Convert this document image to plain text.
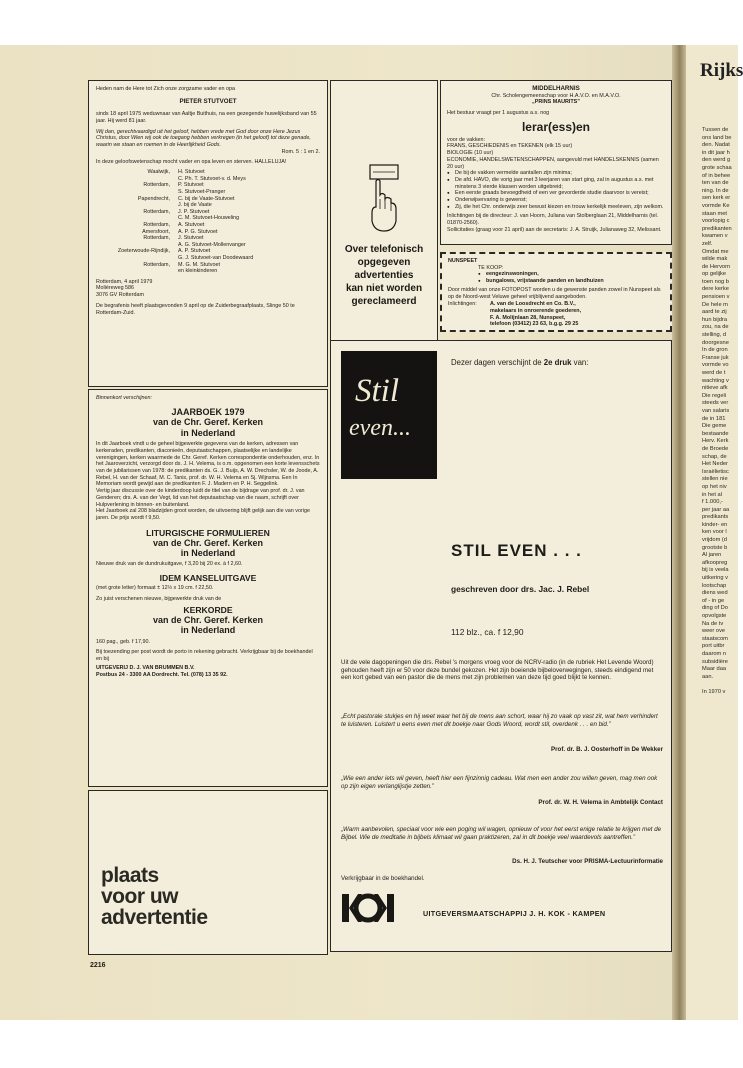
Heden nam de Here tot Zich onze zorgzame vader en opa
PIETER STUTVOET
sinds 18 april 1975 weduwnaar van Aaltje Buithuis, na een gezegende huwelijksband van 55 jaar. Hij werd 81 jaar.
Wij dan, gerechtvaardigd uit het geloof, hebben vrede met God door onze Here Jezus Christus, door Wien wij ook de toegang hebben verkregen (in het geloof) tot deze genade, waarin we staan en roemen in de Heerlijkheid Gods.
Rom. 5 : 1 en 2.
In deze geloofswetenschap mocht vader en opa leven en sterven. HALLELUJA!
Waalwijk,	H. Stutvoet
C. Ph. T. Stutvoet-v. d. Meys
Rotterdam,	P. Stutvoet
S. Stutvoet-Pranger
Papendrecht,	C. bij de Vaate-Stutvoet
J. bij de Vaate
Rotterdam,	J. P. Stutvoet
C. M. Stutvoet-Houweling
Rotterdam,	A. Stutvoet
Amersfoort,	A. P. G. Stutvoet
Rotterdam,	J. Stutvoet
A. G. Stutvoet-Mollenvanger
Zoeterwoude-Rijndijk,	A. P. Stutvoet
G. J. Stutvoet-van Doodewaard
Rotterdam,	M. G. M. Stutvoet
en kleinkinderen
Rotterdam, 4 april 1979
Molièreweg 586
3076 GV Rotterdam
De begrafenis heeft plaatsgevonden 9 april op de Zuiderbegraafplaats, Slinge 50 te Rotterdam-Zuid.
Over telefonisch
opgegeven
advertenties
kan niet worden
gereclameerd
MIDDELHARNIS
Chr. Scholengemeenschap voor H.A.V.O. en M.A.V.O.
„PRINS MAURITS”
Het bestuur vraagt per 1 augustus a.s. nog
lerar(ess)en
voor de vakken:
FRANS, GESCHIEDENIS en TEKENEN (elk 15 uur)
BIOLOGIE (10 uur)
ECONOMIE, HANDELSWETENSCHAPPEN, aangevuld met HANDELSKENNIS (samen 20 uur)
● De bij de vakken vermelde aantallen zijn minima;
● De afd. HAVO, die vorig jaar met 3 leerjaren van start ging, zal in augustus a.s. met minstens 3 vierde klassen worden uitgebreid;
● Een eerste graads bevoegdheid of een ver gevorderde studie daarvoor is vereist;
● Onderwijservaring is gewenst;
● Zij, die het Chr. onderwijs zeer bewust kiezen en trouw kerkelijk meeleven, zijn welkom.
Inlichtingen bij de directeur: J. van Hoorn, Juliana van Stolberglaan 21, Middelharnis (tel. 01870-2560).
Sollicitaties (graag voor 21 april) aan de secretaris: J. A. Struijk, Julianaweg 32, Melissant.
NUNSPEET
TE KOOP:
● eengezinswoningen,
● bungalows, vrijstaande panden en landhuizen
Door middel van onze FOTOPOST worden u de gewenste panden zowel in Nunspeet als op de Noord-west Veluwe geheel vrijblijvend aangeboden.
Inlichtingen:	A. van de Loosdrecht en Co. B.V.,
makelaars in onroerende goederen,
F. A. Molijnlaan 28, Nunspeet,
telefoon (03412) 23 63, b.g.g. 29 25
Binnenkort verschijnen:
JAARBOEK 1979
van de Chr. Geref. Kerken
in Nederland
In dit Jaarboek vindt u de geheel bijgewerkte gegevens van de kerken, adressen van kerkeraden, predikanten, diaconieën, deputaatschappen, plaatselijke en landelijke verenigingen, kerken waarmede de Chr. Geref. Kerken correspondentie onderhouden, enz. In het Jaaroverzicht, verzorgd door ds. J. H. Velema, is o.m. opgenomen een korte levensschets van de jubilarissen van 1978: de predikanten ds. G. J. Buijs, A. W. Drechsler, W. de Joode, A. Rebel, H. van der Schaaf, M. C. Tanis, prof. dr. W. H. Velema en Sj. Wijnsma. Een In Memoriam wordt gewijd aan de predikanten F. J. Madern en P. H. Seggelink.
Vertig jaar discussie over de kinderdoop luidt de titel van de bijdrage van prof. dr. J. van Genderen; drs. A. van der Vegt, lid van het deputaatschap van die naam, schrijft over Hulpverlening in binnen- en buitenland.
Het Jaarboek zal 208 bladzijden groot worden, de uitvoering blijft gelijk aan die van vorige jaren. De prijs wordt f 9,50.
LITURGISCHE FORMULIEREN
van de Chr. Geref. Kerken
in Nederland
Nieuwe druk van de dundrukuitgave, f 3,20 bij 20 ex. à f 2,60.
IDEM KANSELUITGAVE
(met grote letter) formaat ± 12½ x 19 cm. f 22,50.
Zo juist verschenen nieuwe, bijgewerkte druk van de
KERKORDE
van de Chr. Geref. Kerken
in Nederland
160 pag., geb. f 17,90.
Bij toezending per post wordt de porto in rekening gebracht. Verkrijgbaar bij de boekhandel en bij
UITGEVERIJ D. J. VAN BRUMMEN B.V.
Postbus 24 - 3300 AA Dordrecht. Tel. (078) 13 35 92.
plaats
voor uw
advertentie
Stil
even...
Dezer dagen verschijnt de 2e druk van:
STIL EVEN . . .
geschreven door drs. Jac. J. Rebel
112 blz., ca. f 12,90
Uit de vele dagopeningen die drs. Rebel 's morgens vroeg voor de NCRV-radio (in de rubriek Het Levende Woord) gehouden heeft zijn er 50 voor deze bundel gekozen. Het zijn boeiende bijbeloverwegingen, steeds eindigend met een kort gebed van een pastor die de mens met zijn problemen van deze tijd goed blijkt te kennen.
„Echt pastorale stukjes en hij weet waar het bij de mens aan schort, waar hij zo vaak op vast zit, wat hem verhindert te luisteren. Luistert u eens even met dit boekje naar Gods Woord, wordt stil, overdenk . . . en bid.”
Prof. dr. B. J. Oosterhoff in De Wekker
„Wie een ander iets wil geven, heeft hier een fijnzinnig cadeau. Wat men een ander zou willen geven, mag men ook op zijn eigen verlanglijstje zetten.”
Prof. dr. W. H. Velema in Ambtelijk Contact
„Warm aanbevolen, speciaal voor wie een poging wil wagen, opnieuw of voor het eerst enige relatie te krijgen met de Bijbel. Wie de meditatie in bijbels klimaat wil gaan praktizeren, zal in dit boekje veel waardevols aantreffen.”
Ds. H. J. Teutscher voor PRISMA-Lectuurinformatie
Verkrijgbaar in de boekhandel.
UITGEVERSMAATSCHAPPIJ J. H. KOK - KAMPEN
2216
Rijks
Tussen de
ons land be
den. Nadat
in dit jaar h
den werd g
grote schaa
of in behee
ten van de
ning. In de
sen kerk er
vormde Ke
staan met
voorlopig c
predikanten
kwamen v
zelf.
Omdat me
wilde mak
de Hervorn
op gelijke
toen nog b
dere kerke
pensioen v
De hele m
aard te zij
hun bijdra
zou, na de
stelling, d
doorgesne
In de gron
Franse juk
vormde vo
werd de t
wachting v
nitieve afk
Die regeli
steeds ver
van salaris
de in 181
Die geme
bestaande
Herv. Kerk
de Broede
schap, de
Het Neder
Israëlietisc
stellen nie
op het niv
in het al
f 1.000,-
per jaar aa
predikants
kinder- en
ken voor l
vrijdom (d
grootste b
Al jaren
afkoopreg
bij is veela
uitkering v
lootschap
diens wed
of - in ge
ding of Do
opvolgste
Na de tv
weer ove
staatscom
port uitbr
daarom n
subsidiëre
Maar daa
aan.
In 1970 v
